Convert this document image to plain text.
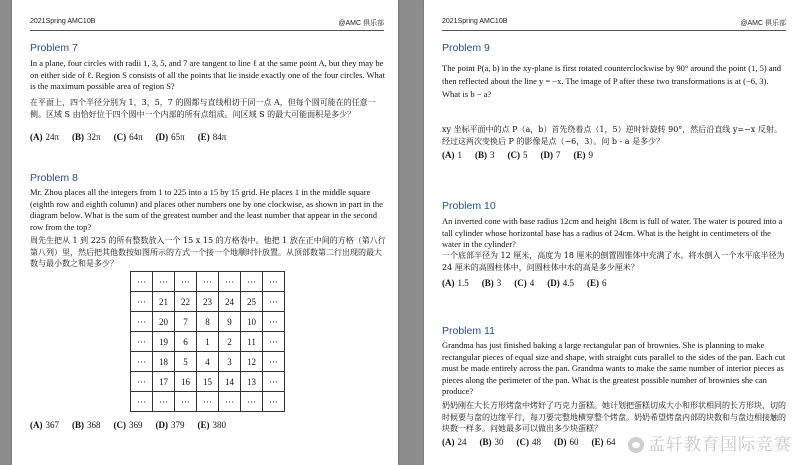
2021Spring AMC10B	@AMC 俱乐部
Problem 7
In a plane, four circles with radii 1, 3, 5, and 7 are tangent to line ℓ at the same point A, but they may be on either side of ℓ. Region S consists of all the points that lie inside exactly one of the four circles. What is the maximum possible area of region S?
在平面上，四个半径分别为 1，3，5，7 的圆都与直线相切于同一点 A，但每个圆可能在的任意一侧。区域 S 由恰好位于四个圆中一个内部的所有点组成。问区域 S 的最大可能面积是多少？
(A) 24π (B) 32π (C) 64π (D) 65π (E) 84π
Problem 8
Mr. Zhou places all the integers from 1 to 225 into a 15 by 15 grid. He places 1 in the middle square (eighth row and eighth column) and places other numbers one by one clockwise, as shown in part in the diagram below. What is the sum of the greatest number and the least number that appear in the second row from the top?
周先生把从 1 到 225 的所有整数放入一个 15 x 15 的方格表中。他把 1 放在正中间的方格（第八行第八列）里，然后把其他数按如图所示的方式一个接一个地顺时针放置。从顶部数第二行出现的最大数与最小数之和是多少？
···	···	···	···	···	···	···
···	21	22	23	24	25	···
···	20	7	8	9	10	···
···	19	6	1	2	11	···
···	18	5	4	3	12	···
···	17	16	15	14	13	···
···	···	···	···	···	···	···
(A) 367 (B) 368 (C) 369 (D) 379 (E) 380
2021Spring AMC10B	@AMC 俱乐部
Problem 9
The point P(a, b) in the xy-plane is first rotated counterclockwise by 90° around the point (1, 5) and then reflected about the line y = −x. The image of P after these two transformations is at (−6, 3). What is b − a?
xy 坐标平面中的点 P（a，b）首先绕着点（1，5）逆时针旋转 90°，然后沿直线 y=−x 反射。经过这两次变换后 P 的影像是点（−6，3）。问 b - a 是多少？
(A) 1 (B) 3 (C) 5 (D) 7 (E) 9
Problem 10
An inverted cone with base radius 12cm and height 18cm is full of water. The water is poured into a tall cylinder whose horizontal base has a radius of 24cm. What is the height in centimeters of the water in the cylinder?
一个底部半径为 12 厘米，高度为 18 厘米的倒置圆锥体中充满了水。将水倒入一个水平底半径为 24 厘米的高圆柱体中，问圆柱体中水的高是多少厘米？
(A) 1.5 (B) 3 (C) 4 (D) 4.5 (E) 6
Problem 11
Grandma has just finished baking a large rectangular pan of brownies. She is planning to make rectangular pieces of equal size and shape, with straight cuts parallel to the sides of the pan. Each cut must be made entirely across the pan. Grandma wants to make the same number of interior pieces as pieces along the perimeter of the pan. What is the greatest possible number of brownies she can produce?
奶奶刚在大长方形烤盘中烤好了巧克力蛋糕。她计划把蛋糕切成大小和形状相同的长方形块，切的时候要与盘的边缘平行，每刀要完整地横穿整个烤盘。奶奶希望烤盘内部的块数和与盘边相接触的块数一样多。问她最多可以做出多少块蛋糕？
(A) 24 (B) 30 (C) 48 (D) 60 (E) 64	孟轩教育国际竞赛
